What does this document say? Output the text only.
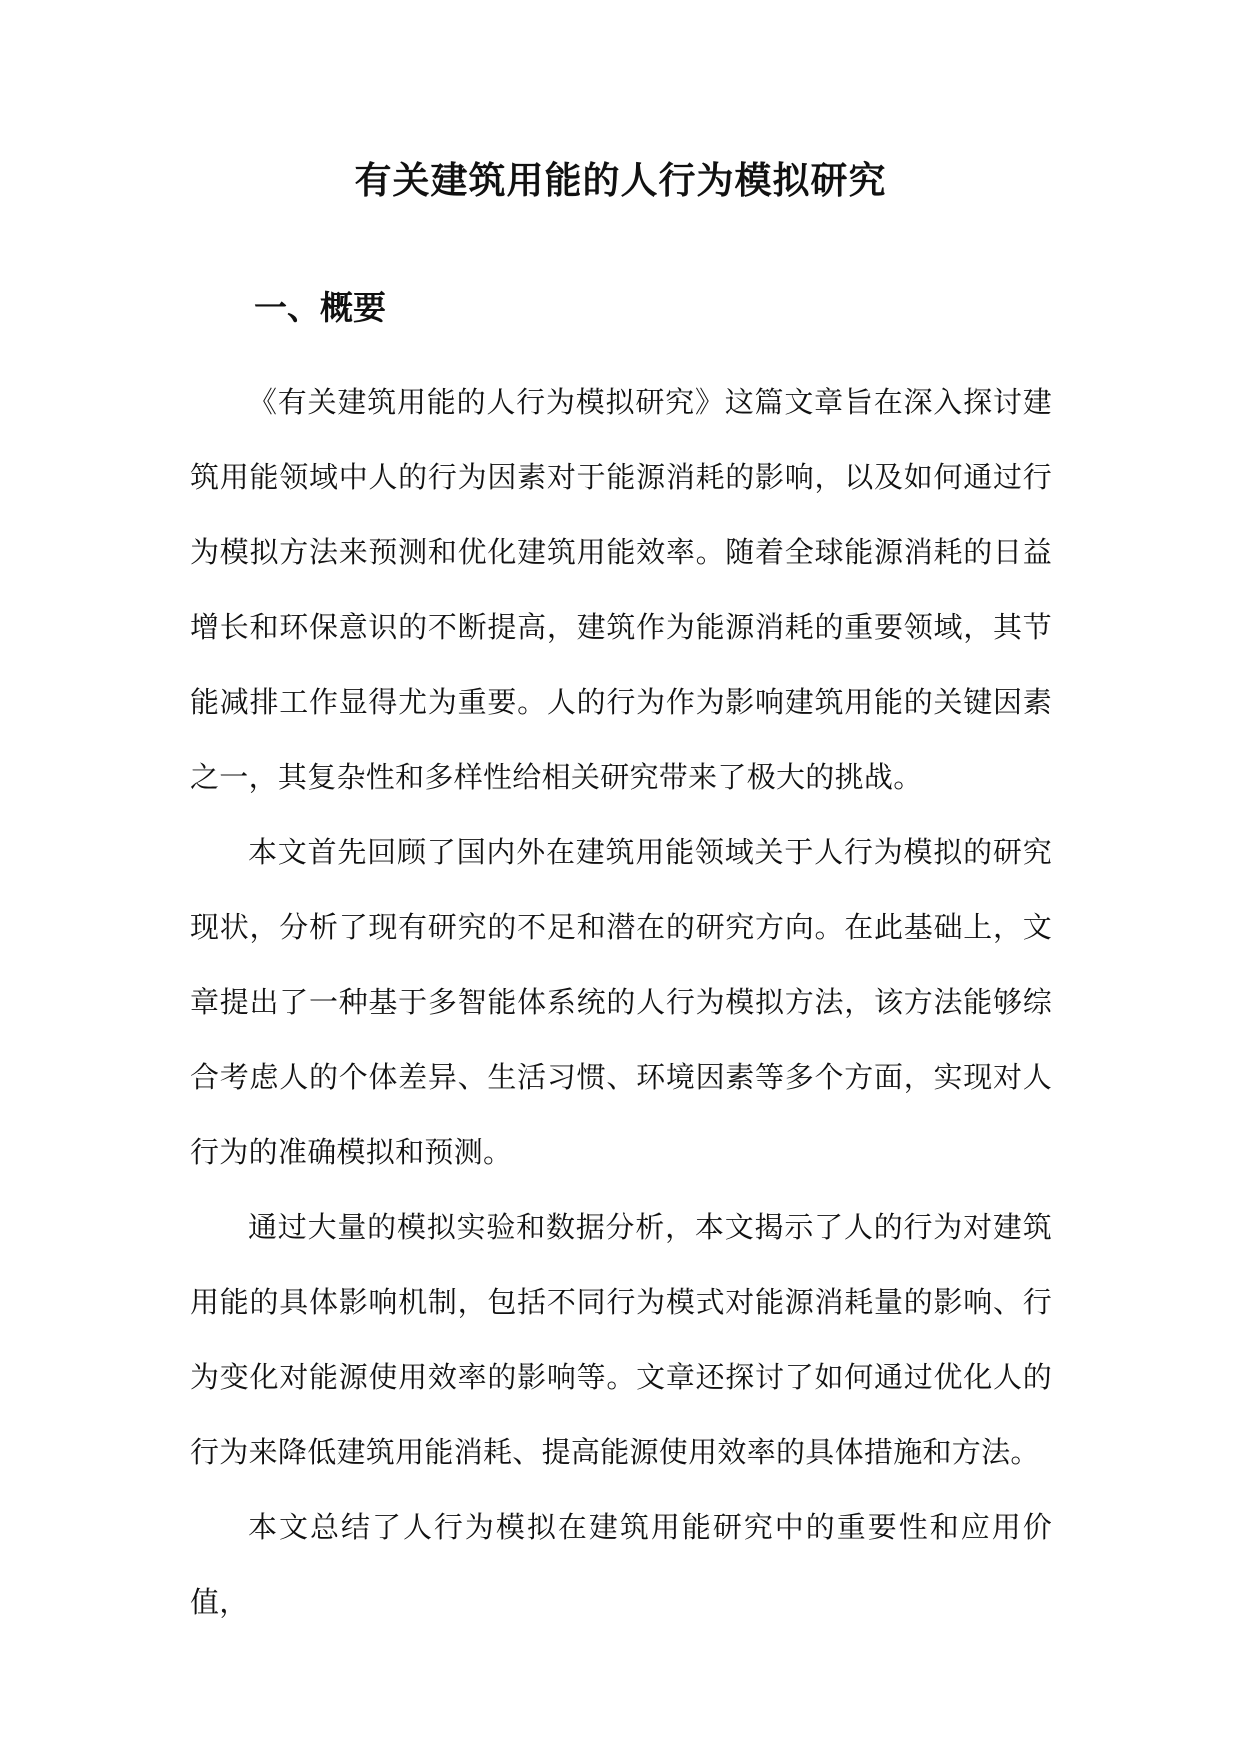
有关建筑用能的人行为模拟研究
一、概要

《有关建筑用能的人行为模拟研究》这篇文章旨在深入探讨建筑用能领域中人的行为因素对于能源消耗的影响，以及如何通过行为模拟方法来预测和优化建筑用能效率。随着全球能源消耗的日益增长和环保意识的不断提高，建筑作为能源消耗的重要领域，其节能减排工作显得尤为重要。人的行为作为影响建筑用能的关键因素之一，其复杂性和多样性给相关研究带来了极大的挑战。

本文首先回顾了国内外在建筑用能领域关于人行为模拟的研究现状，分析了现有研究的不足和潜在的研究方向。在此基础上，文章提出了一种基于多智能体系统的人行为模拟方法，该方法能够综合考虑人的个体差异、生活习惯、环境因素等多个方面，实现对人行为的准确模拟和预测。

通过大量的模拟实验和数据分析，本文揭示了人的行为对建筑用能的具体影响机制，包括不同行为模式对能源消耗量的影响、行为变化对能源使用效率的影响等。文章还探讨了如何通过优化人的行为来降低建筑用能消耗、提高能源使用效率的具体措施和方法。

本文总结了人行为模拟在建筑用能研究中的重要性和应用价值，
